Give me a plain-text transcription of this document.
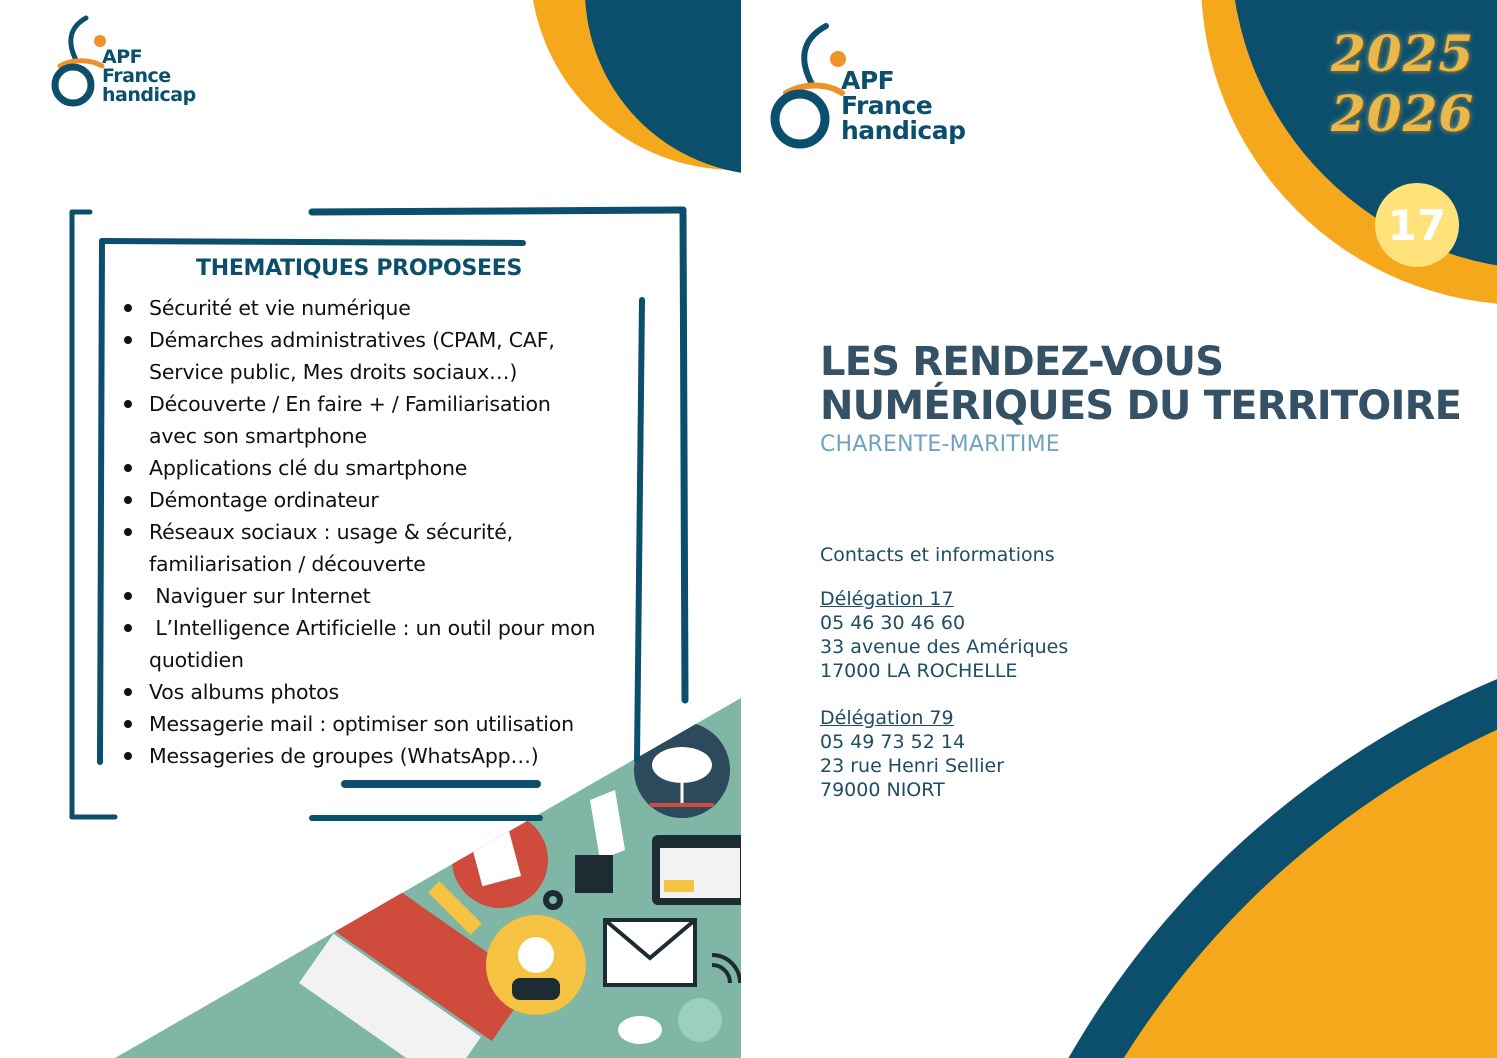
APF
France
handicap
THEMATIQUES PROPOSEES
Sécurité et vie numérique
Démarches administratives (CPAM, CAF,
Service public, Mes droits sociaux…)
Découverte / En faire + / Familiarisation
avec son smartphone
Applications clé du smartphone
Démontage ordinateur
Réseaux sociaux : usage & sécurité,
familiarisation / découverte
Naviguer sur Internet
L’Intelligence Artificielle : un outil pour mon
quotidien
Vos albums photos
Messagerie mail : optimiser son utilisation
Messageries de groupes (WhatsApp…)
APF
France
handicap
2025
2026
17
LES RENDEZ-VOUS
NUMÉRIQUES DU TERRITOIRE
CHARENTE-MARITIME
Contacts et informations
Délégation 17
05 46 30 46 60
33 avenue des Amériques
17000 LA ROCHELLE
Délégation 79
05 49 73 52 14
23 rue Henri Sellier
79000 NIORT
